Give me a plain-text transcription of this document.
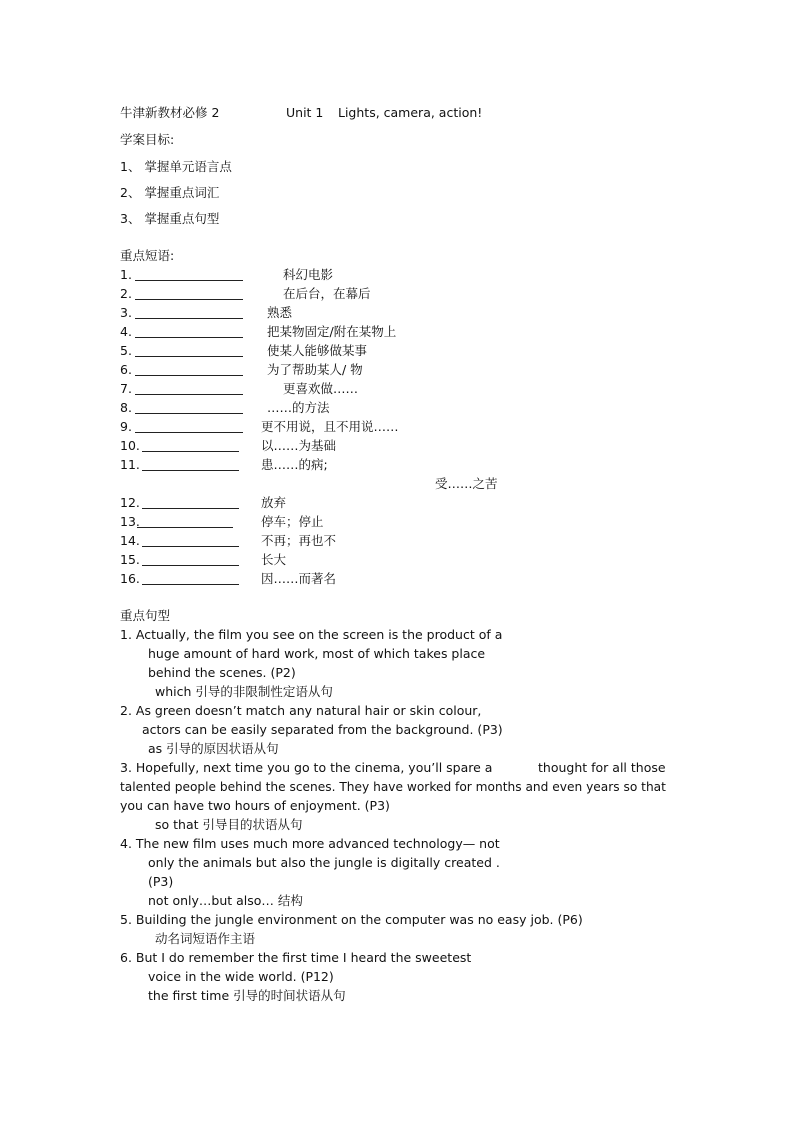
牛津新教材必修 2	Unit 1 Lights, camera, action!
学案目标:
1、 掌握单元语言点
2、 掌握重点词汇
3、 掌握重点句型
重点短语:
1.	科幻电影
2.	在后台，在幕后
3.	熟悉
4.	把某物固定/附在某物上
5.	使某人能够做某事
6.	为了帮助某人/ 物
7.	更喜欢做……
8.	……的方法
9.	更不用说，且不用说……
10.	以……为基础
11.	患……的病;
受……之苦
12.	放弃
13.	停车；停止
14.	不再；再也不
15.	长大
16.	因……而著名
重点句型
1. Actually, the film you see on the screen is the product of a
huge amount of hard work, most of which takes place
behind the scenes. (P2)
which 引导的非限制性定语从句
2. As green doesn’t match any natural hair or skin colour,
actors can be easily separated from the background. (P3)
as 引导的原因状语从句
3. Hopefully, next time you go to the cinema, you’ll spare a	thought for all those
talented people behind the scenes. They have worked for months and even years so that
you can have two hours of enjoyment. (P3)
so that 引导目的状语从句
4. The new film uses much more advanced technology— not
only the animals but also the jungle is digitally created .
(P3)
not only…but also… 结构
5. Building the jungle environment on the computer was no easy job. (P6)
动名词短语作主语
6. But I do remember the first time I heard the sweetest
voice in the wide world. (P12)
the first time 引导的时间状语从句
